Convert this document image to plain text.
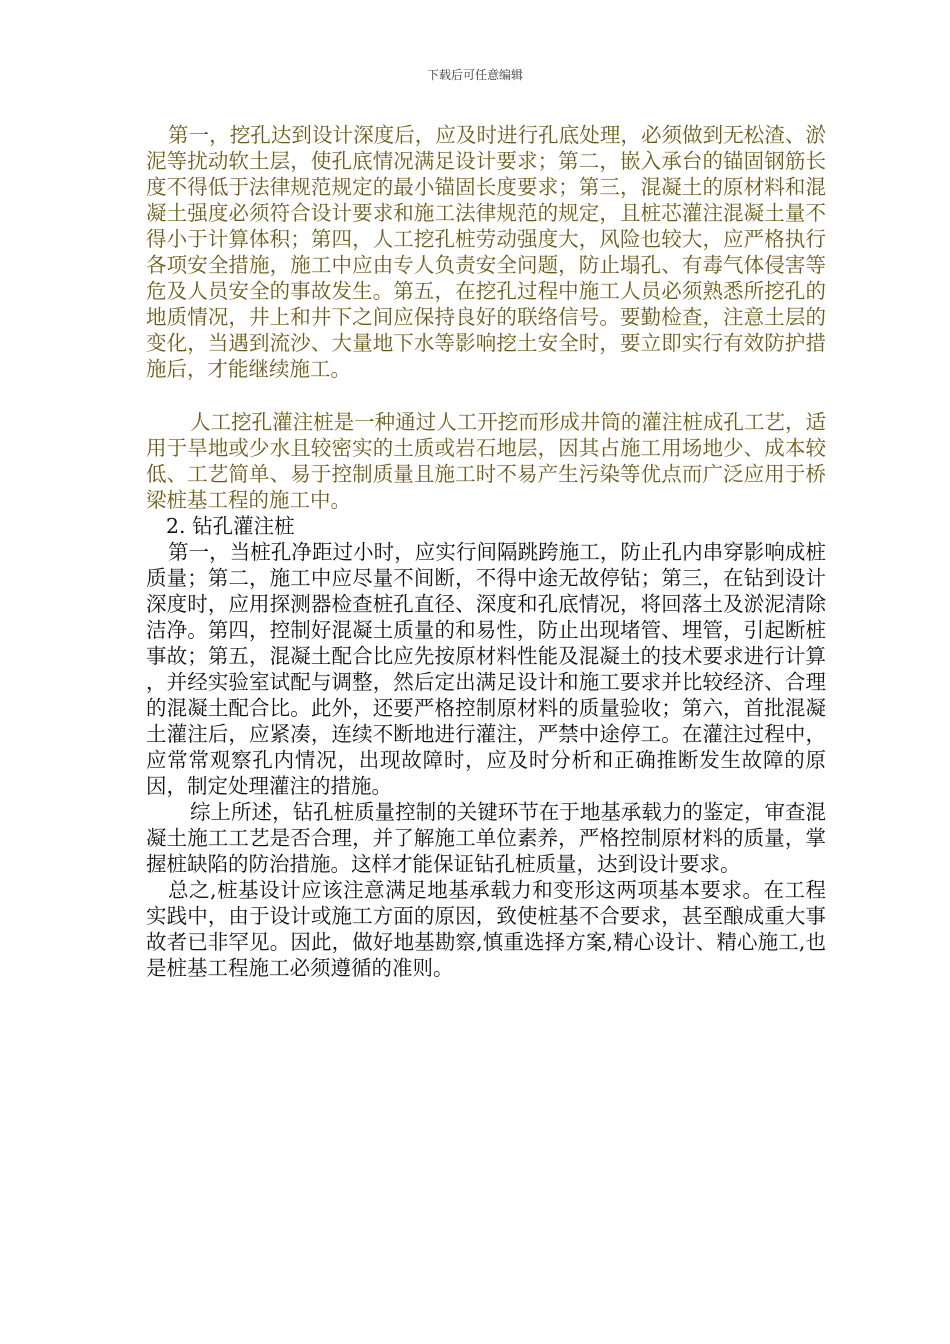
下载后可任意编辑

第一，挖孔达到设计深度后，应及时进行孔底处理，必须做到无松渣、淤泥等扰动软土层，使孔底情况满足设计要求；第二，嵌入承台的锚固钢筋长度不得低于法律规范规定的最小锚固长度要求；第三，混凝土的原材料和混凝土强度必须符合设计要求和施工法律规范的规定，且桩芯灌注混凝土量不得小于计算体积；第四，人工挖孔桩劳动强度大，风险也较大，应严格执行各项安全措施，施工中应由专人负责安全问题，防止塌孔、有毒气体侵害等危及人员安全的事故发生。第五，在挖孔过程中施工人员必须熟悉所挖孔的地质情况，井上和井下之间应保持良好的联络信号。要勤检查，注意土层的变化，当遇到流沙、大量地下水等影响挖土安全时，要立即实行有效防护措施后，才能继续施工。

人工挖孔灌注桩是一种通过人工开挖而形成井筒的灌注桩成孔工艺，适用于旱地或少水且较密实的土质或岩石地层，因其占施工用场地少、成本较低、工艺简单、易于控制质量且施工时不易产生污染等优点而广泛应用于桥梁桩基工程的施工中。

2. 钻孔灌注桩

第一，当桩孔净距过小时，应实行间隔跳跨施工，防止孔内串穿影响成桩质量；第二，施工中应尽量不间断，不得中途无故停钻；第三，在钻到设计深度时，应用探测器检查桩孔直径、深度和孔底情况，将回落土及淤泥清除洁净。第四，控制好混凝土质量的和易性，防止出现堵管、埋管，引起断桩事故；第五，混凝土配合比应先按原材料性能及混凝土的技术要求进行计算 ，并经实验室试配与调整，然后定出满足设计和施工要求并比较经济、合理的混凝土配合比。此外，还要严格控制原材料的质量验收；第六，首批混凝土灌注后，应紧凑，连续不断地进行灌注，严禁中途停工。在灌注过程中，应常常观察孔内情况，出现故障时，应及时分析和正确推断发生故障的原因，制定处理灌注的措施。

综上所述，钻孔桩质量控制的关键环节在于地基承载力的鉴定，审查混凝土施工工艺是否合理，并了解施工单位素养，严格控制原材料的质量，掌握桩缺陷的防治措施。这样才能保证钻孔桩质量，达到设计要求。

总之,桩基设计应该注意满足地基承载力和变形这两项基本要求。在工程实践中，由于设计或施工方面的原因，致使桩基不合要求，甚至酿成重大事故者已非罕见。因此，做好地基勘察,慎重选择方案,精心设计、精心施工,也是桩基工程施工必须遵循的准则。
